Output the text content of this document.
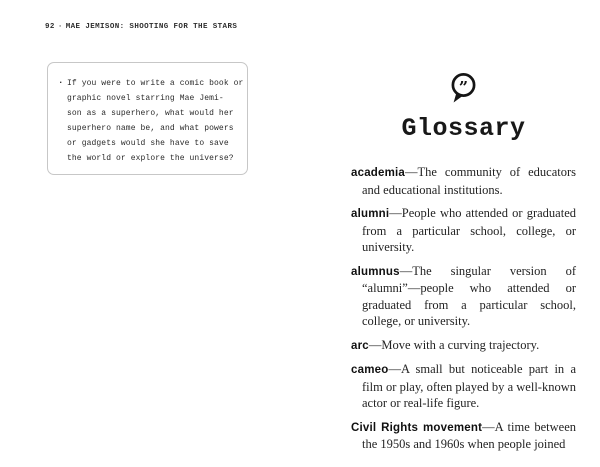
92 · MAE JEMISON: SHOOTING FOR THE STARS
· If you were to write a comic book or
graphic novel starring Mae Jemi-
son as a superhero, what would her
superhero name be, and what powers
or gadgets would she have to save
the world or explore the universe?
”
Glossary

academia—The community of educators and educational institutions.

alumni—People who attended or graduated from a particular school, college, or university.

alumnus—The singular version of “alumni”—people who attended or graduated from a particular school, college, or university.

arc—Move with a curving trajectory.

cameo—A small but noticeable part in a film or play, often played by a well-known actor or real-life figure.

Civil Rights movement—A time between the 1950s and 1960s when people joined
